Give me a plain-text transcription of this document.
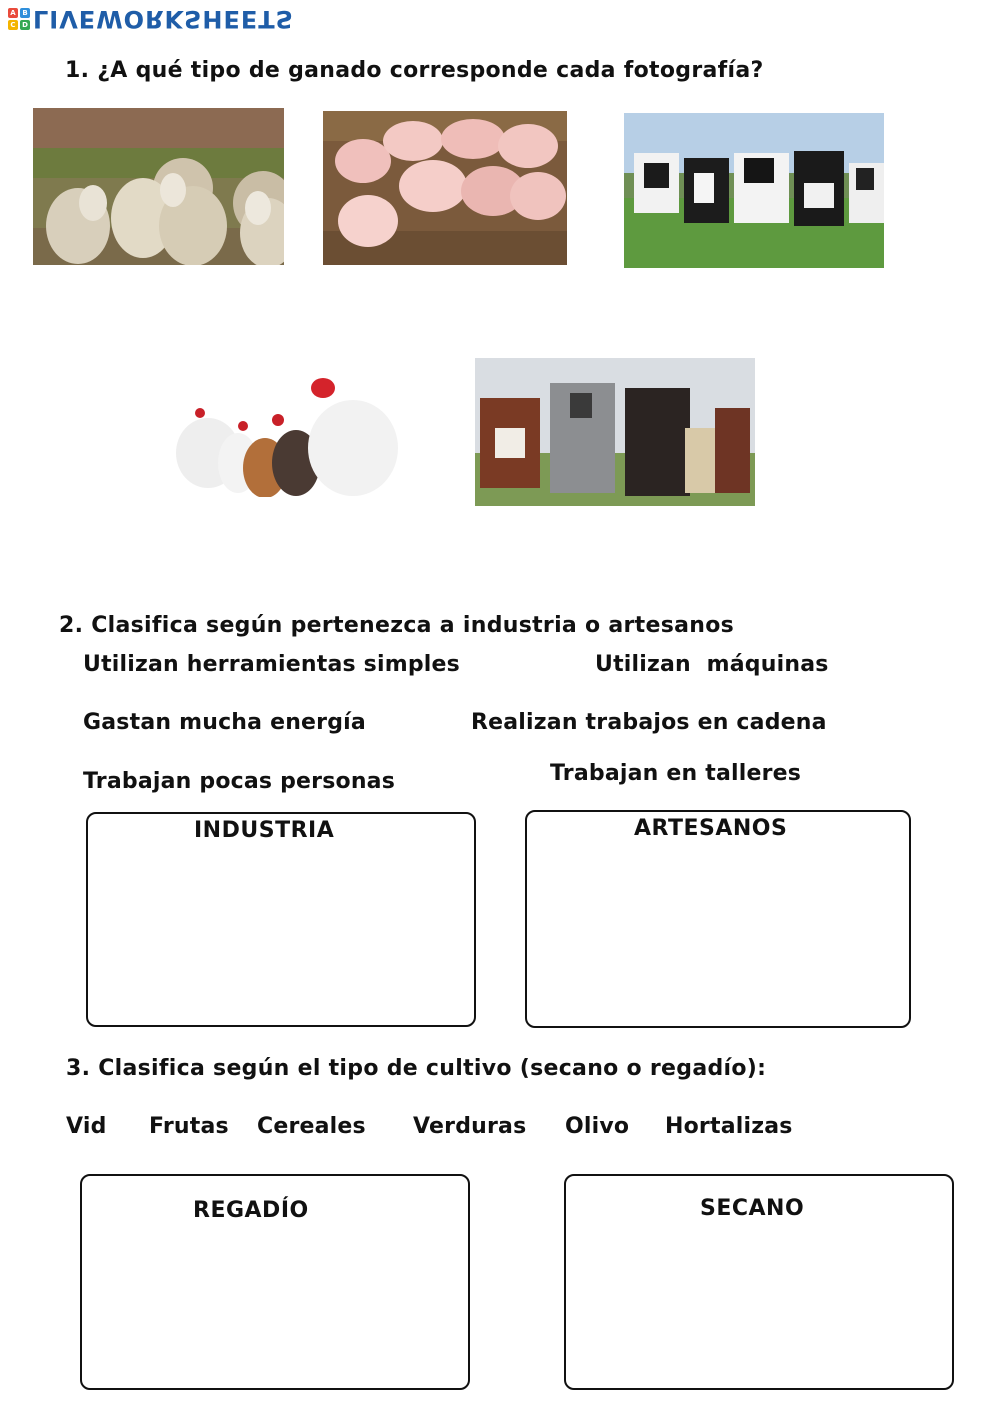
A B
C D LIVEWORKSHEETS
1. ¿A qué tipo de ganado corresponde cada fotografía?
2. Clasifica según pertenezca a industria o artesanos
Utilizan herramientas simples	Utilizan  máquinas
Gastan mucha energía	Realizan trabajos en cadena
Trabajan pocas personas	Trabajan en talleres
INDUSTRIA	ARTESANOS
3. Clasifica según el tipo de cultivo (secano o regadío):
Vid Frutas Cereales Verduras Olivo Hortalizas
REGADÍO	SECANO
